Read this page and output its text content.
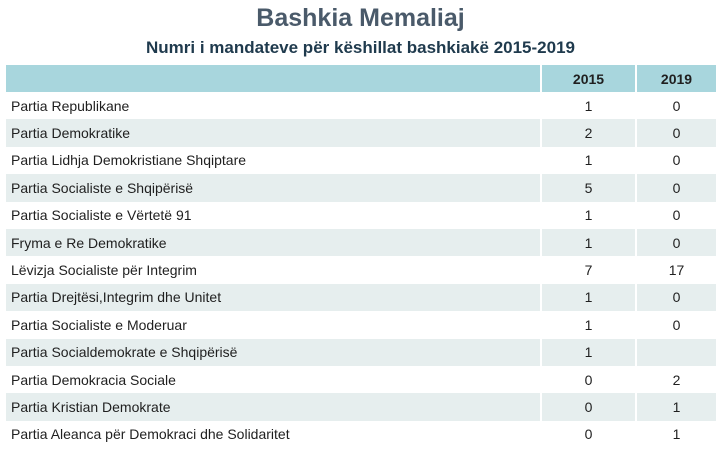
Bashkia Memaliaj
Numri i mandateve për këshillat bashkiakë 2015-2019
	2015	2019
Partia Republikane	1	0
Partia Demokratike	2	0
Partia Lidhja Demokristiane Shqiptare	1	0
Partia Socialiste e Shqipërisë	5	0
Partia Socialiste e Vërtetë 91	1	0
Fryma e Re Demokratike	1	0
Lëvizja Socialiste për Integrim	7	17
Partia Drejtësi,Integrim dhe Unitet	1	0
Partia Socialiste e Moderuar	1	0
Partia Socialdemokrate e Shqipërisë	1	
Partia Demokracia Sociale	0	2
Partia Kristian Demokrate	0	1
Partia Aleanca për Demokraci dhe Solidaritet	0	1
